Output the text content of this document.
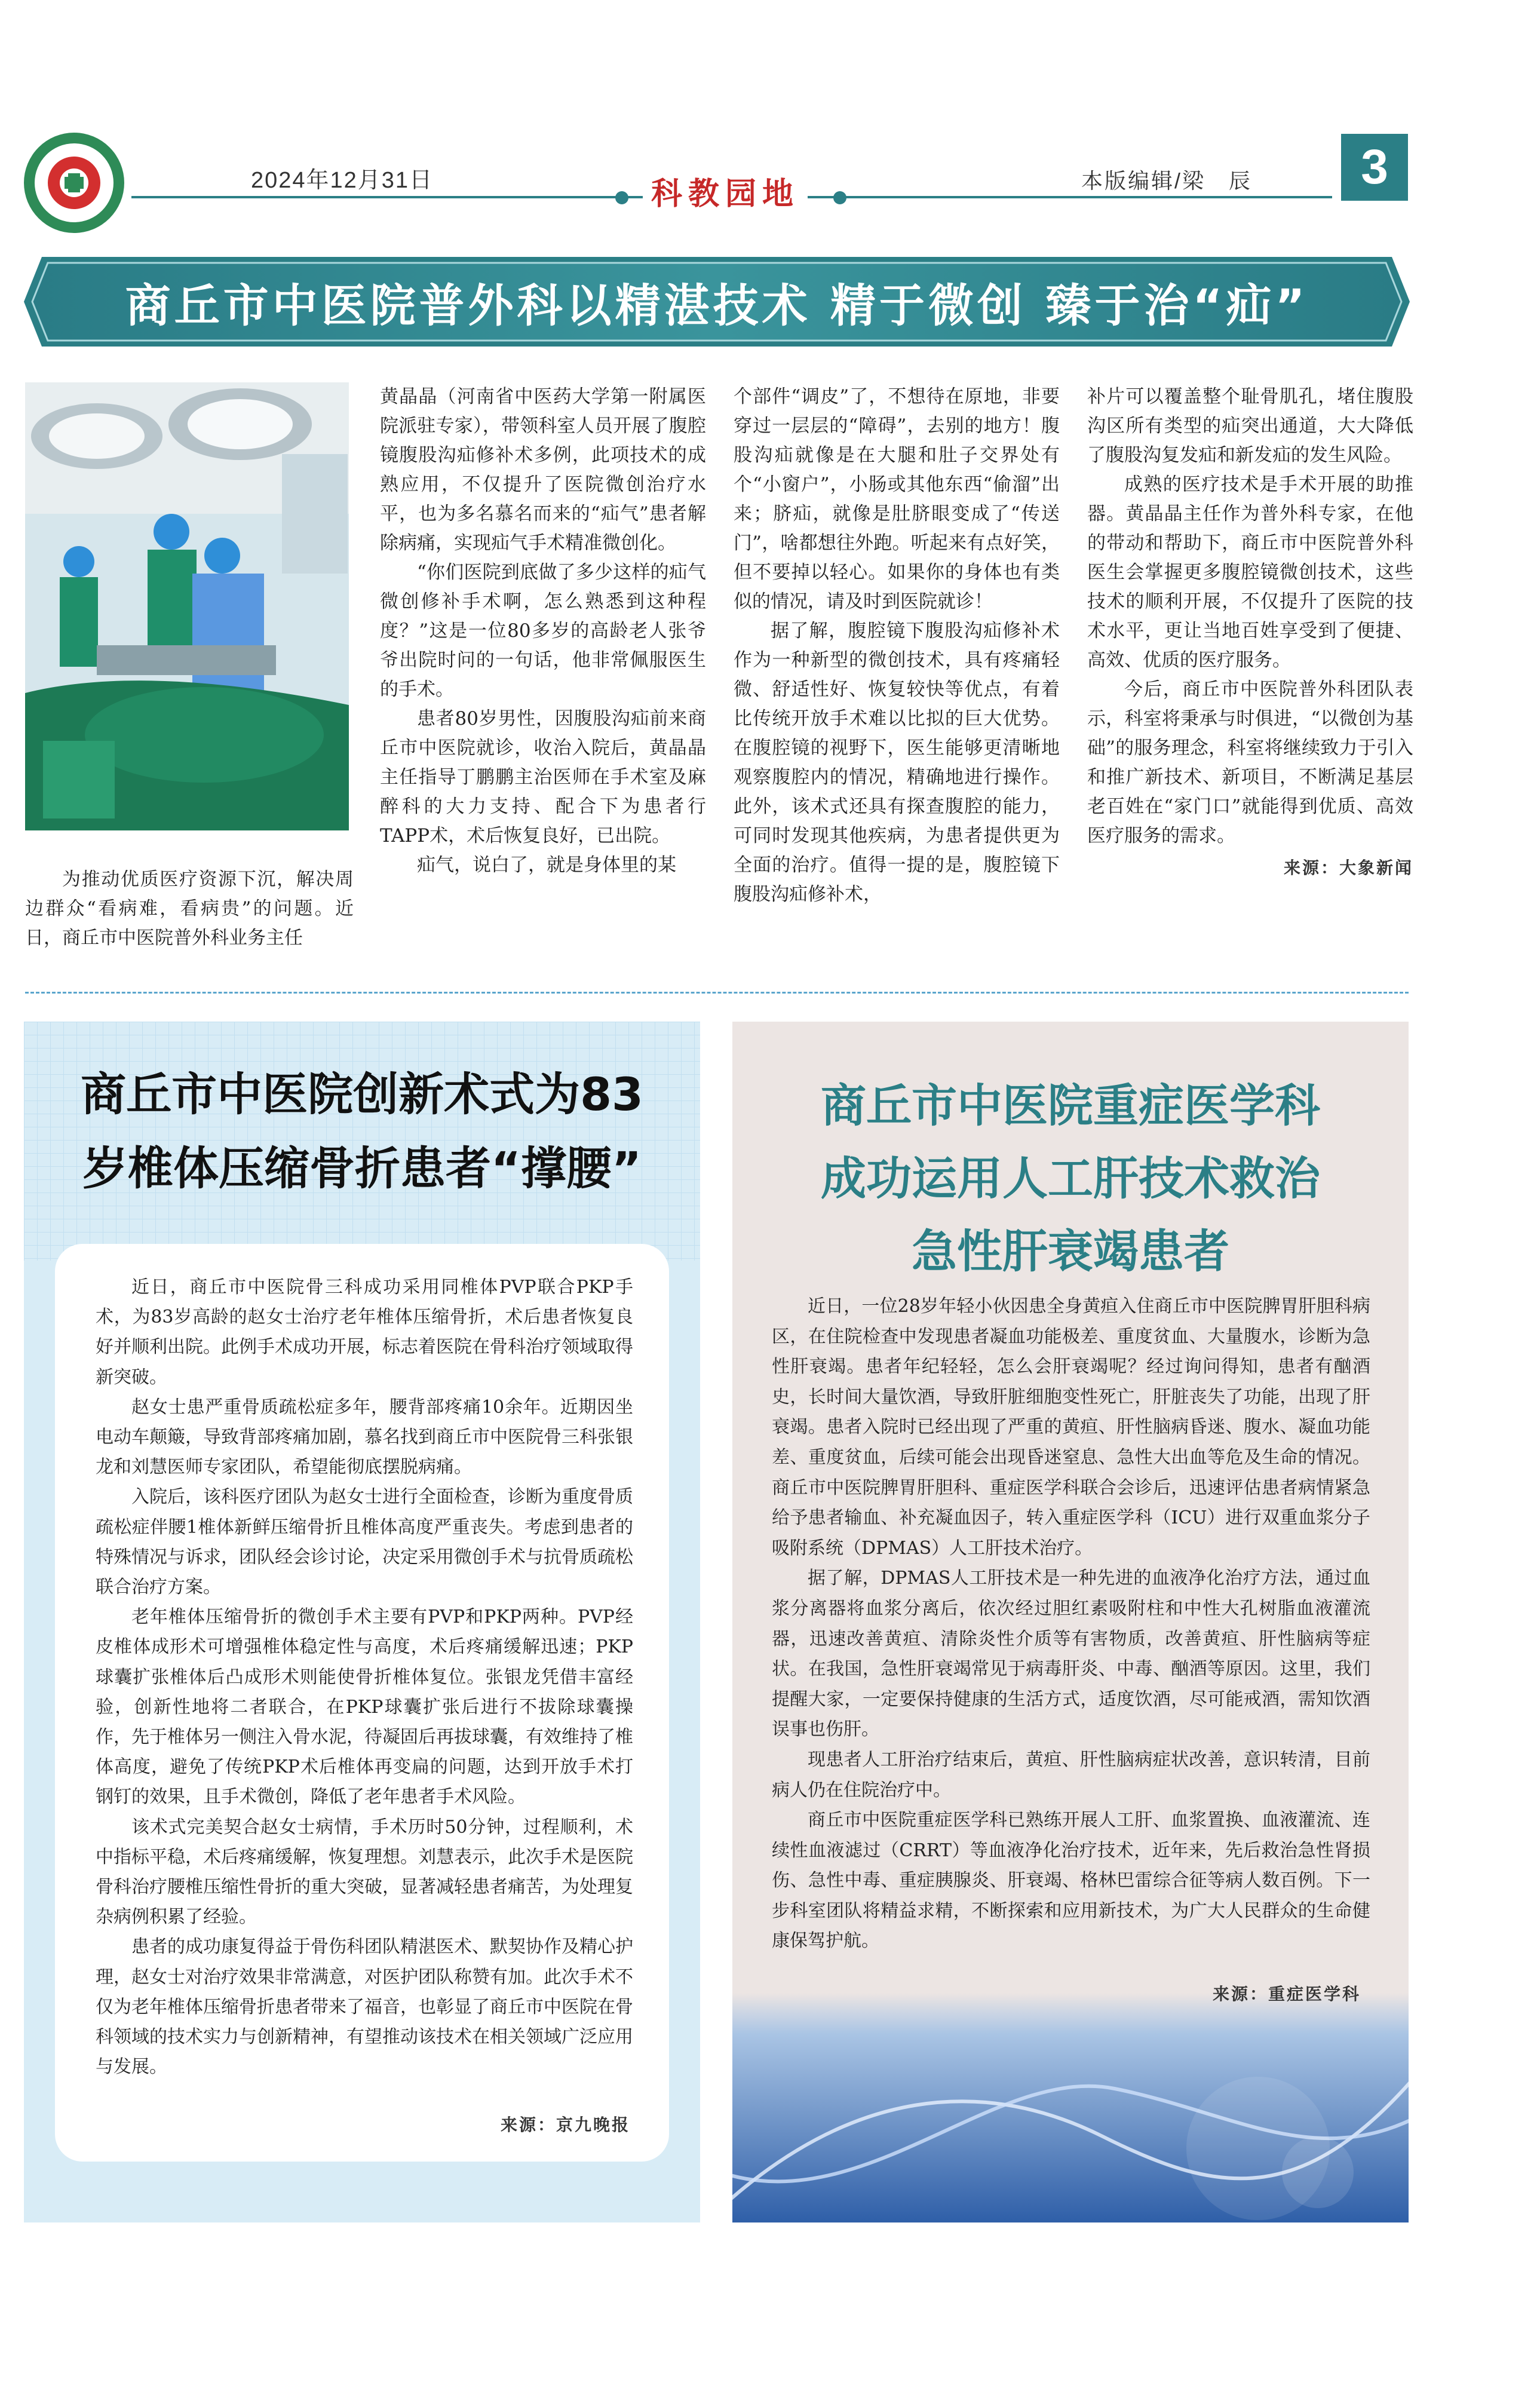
2024年12月31日	科教园地	本版编辑/梁　辰	3
商丘市中医院普外科以精湛技术 精于微创 臻于治“疝”
为推动优质医疗资源下沉，解决周边群众“看病难，看病贵”的问题。近日，商丘市中医院普外科业务主任

黄晶晶（河南省中医药大学第一附属医院派驻专家），带领科室人员开展了腹腔镜腹股沟疝修补术多例，此项技术的成熟应用，不仅提升了医院微创治疗水平，也为多名慕名而来的“疝气”患者解除病痛，实现疝气手术精准微创化。

“你们医院到底做了多少这样的疝气微创修补手术啊，怎么熟悉到这种程度？”这是一位80多岁的高龄老人张爷爷出院时问的一句话，他非常佩服医生的手术。

患者80岁男性，因腹股沟疝前来商丘市中医院就诊，收治入院后，黄晶晶主任指导丁鹏鹏主治医师在手术室及麻醉科的大力支持、配合下为患者行TAPP术，术后恢复良好，已出院。

疝气，说白了，就是身体里的某

个部件“调皮”了，不想待在原地，非要穿过一层层的“障碍”，去别的地方！腹股沟疝就像是在大腿和肚子交界处有个“小窗户”，小肠或其他东西“偷溜”出来；脐疝，就像是肚脐眼变成了“传送门”，啥都想往外跑。听起来有点好笑，但不要掉以轻心。如果你的身体也有类似的情况，请及时到医院就诊！

据了解，腹腔镜下腹股沟疝修补术作为一种新型的微创技术，具有疼痛轻微、舒适性好、恢复较快等优点，有着比传统开放手术难以比拟的巨大优势。在腹腔镜的视野下，医生能够更清晰地观察腹腔内的情况，精确地进行操作。此外，该术式还具有探查腹腔的能力，可同时发现其他疾病，为患者提供更为全面的治疗。值得一提的是，腹腔镜下腹股沟疝修补术，

补片可以覆盖整个耻骨肌孔，堵住腹股沟区所有类型的疝突出通道，大大降低了腹股沟复发疝和新发疝的发生风险。

成熟的医疗技术是手术开展的助推器。黄晶晶主任作为普外科专家，在他的带动和帮助下，商丘市中医院普外科医生会掌握更多腹腔镜微创技术，这些技术的顺利开展，不仅提升了医院的技术水平，更让当地百姓享受到了便捷、高效、优质的医疗服务。

今后，商丘市中医院普外科团队表示，科室将秉承与时俱进，“以微创为基础”的服务理念，科室将继续致力于引入和推广新技术、新项目，不断满足基层老百姓在“家门口”就能得到优质、高效医疗服务的需求。

来源：大象新闻
商丘市中医院创新术式为83
岁椎体压缩骨折患者“撑腰”

近日，商丘市中医院骨三科成功采用同椎体PVP联合PKP手术，为83岁高龄的赵女士治疗老年椎体压缩骨折，术后患者恢复良好并顺利出院。此例手术成功开展，标志着医院在骨科治疗领域取得新突破。

赵女士患严重骨质疏松症多年，腰背部疼痛10余年。近期因坐电动车颠簸，导致背部疼痛加剧，慕名找到商丘市中医院骨三科张银龙和刘慧医师专家团队，希望能彻底摆脱病痛。

入院后，该科医疗团队为赵女士进行全面检查，诊断为重度骨质疏松症伴腰1椎体新鲜压缩骨折且椎体高度严重丧失。考虑到患者的特殊情况与诉求，团队经会诊讨论，决定采用微创手术与抗骨质疏松联合治疗方案。

老年椎体压缩骨折的微创手术主要有PVP和PKP两种。PVP经皮椎体成形术可增强椎体稳定性与高度，术后疼痛缓解迅速；PKP球囊扩张椎体后凸成形术则能使骨折椎体复位。张银龙凭借丰富经验，创新性地将二者联合，在PKP球囊扩张后进行不拔除球囊操作，先于椎体另一侧注入骨水泥，待凝固后再拔球囊，有效维持了椎体高度，避免了传统PKP术后椎体再变扁的问题，达到开放手术打钢钉的效果，且手术微创，降低了老年患者手术风险。

该术式完美契合赵女士病情，手术历时50分钟，过程顺利，术中指标平稳，术后疼痛缓解，恢复理想。刘慧表示，此次手术是医院骨科治疗腰椎压缩性骨折的重大突破，显著减轻患者痛苦，为处理复杂病例积累了经验。

患者的成功康复得益于骨伤科团队精湛医术、默契协作及精心护理，赵女士对治疗效果非常满意，对医护团队称赞有加。此次手术不仅为老年椎体压缩骨折患者带来了福音，也彰显了商丘市中医院在骨科领域的技术实力与创新精神，有望推动该技术在相关领域广泛应用与发展。

来源：京九晚报
商丘市中医院重症医学科
成功运用人工肝技术救治
急性肝衰竭患者

近日，一位28岁年轻小伙因患全身黄疸入住商丘市中医院脾胃肝胆科病区，在住院检查中发现患者凝血功能极差、重度贫血、大量腹水，诊断为急性肝衰竭。患者年纪轻轻，怎么会肝衰竭呢？经过询问得知，患者有酗酒史，长时间大量饮酒，导致肝脏细胞变性死亡，肝脏丧失了功能，出现了肝衰竭。患者入院时已经出现了严重的黄疸、肝性脑病昏迷、腹水、凝血功能差、重度贫血，后续可能会出现昏迷窒息、急性大出血等危及生命的情况。商丘市中医院脾胃肝胆科、重症医学科联合会诊后，迅速评估患者病情紧急给予患者输血、补充凝血因子，转入重症医学科（ICU）进行双重血浆分子吸附系统（DPMAS）人工肝技术治疗。

据了解，DPMAS人工肝技术是一种先进的血液净化治疗方法，通过血浆分离器将血浆分离后，依次经过胆红素吸附柱和中性大孔树脂血液灌流器，迅速改善黄疸、清除炎性介质等有害物质，改善黄疸、肝性脑病等症状。在我国，急性肝衰竭常见于病毒肝炎、中毒、酗酒等原因。这里，我们提醒大家，一定要保持健康的生活方式，适度饮酒，尽可能戒酒，需知饮酒误事也伤肝。

现患者人工肝治疗结束后，黄疸、肝性脑病症状改善，意识转清，目前病人仍在住院治疗中。

商丘市中医院重症医学科已熟练开展人工肝、血浆置换、血液灌流、连续性血液滤过（CRRT）等血液净化治疗技术，近年来，先后救治急性肾损伤、急性中毒、重症胰腺炎、肝衰竭、格林巴雷综合征等病人数百例。下一步科室团队将精益求精，不断探索和应用新技术，为广大人民群众的生命健康保驾护航。

来源：重症医学科
